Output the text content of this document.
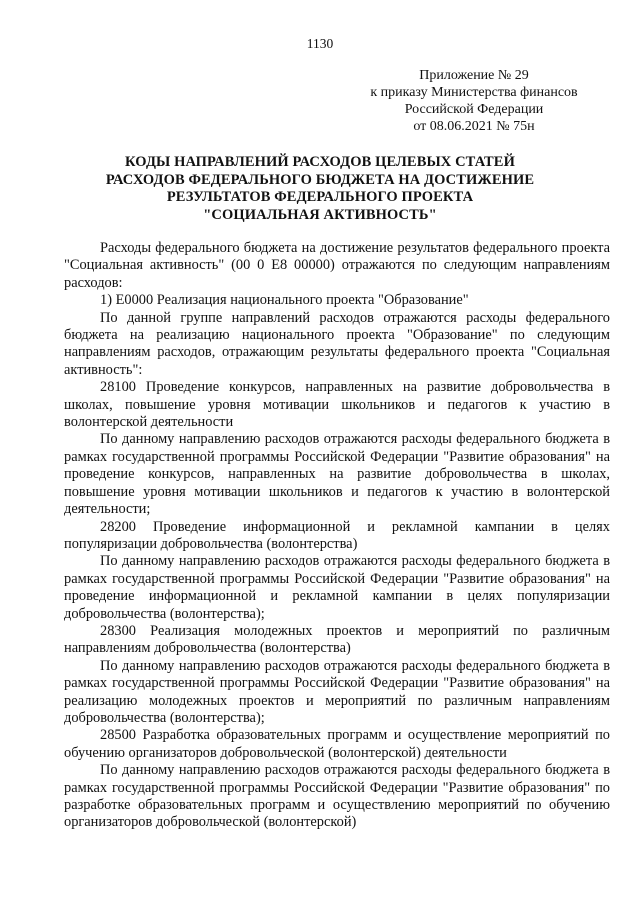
1130
Приложение № 29
к приказу Министерства финансов
Российской Федерации
от 08.06.2021 № 75н
КОДЫ НАПРАВЛЕНИЙ РАСХОДОВ ЦЕЛЕВЫХ СТАТЕЙ
РАСХОДОВ ФЕДЕРАЛЬНОГО БЮДЖЕТА НА ДОСТИЖЕНИЕ
РЕЗУЛЬТАТОВ ФЕДЕРАЛЬНОГО ПРОЕКТА
"СОЦИАЛЬНАЯ АКТИВНОСТЬ"

Расходы федерального бюджета на достижение результатов федерального проекта "Социальная активность" (00 0 Е8 00000) отражаются по следующим направлениям расходов:

1) Е0000 Реализация национального проекта "Образование"

По данной группе направлений расходов отражаются расходы федерального бюджета на реализацию национального проекта "Образование" по следующим направлениям расходов, отражающим результаты федерального проекта "Социальная активность":

28100 Проведение конкурсов, направленных на развитие добровольчества в школах, повышение уровня мотивации школьников и педагогов к участию в волонтерской деятельности

По данному направлению расходов отражаются расходы федерального бюджета в рамках государственной программы Российской Федерации "Развитие образования" на проведение конкурсов, направленных на развитие добровольчества в школах, повышение уровня мотивации школьников и педагогов к участию в волонтерской деятельности;

28200 Проведение информационной и рекламной кампании в целях популяризации добровольчества (волонтерства)

По данному направлению расходов отражаются расходы федерального бюджета в рамках государственной программы Российской Федерации "Развитие образования" на проведение информационной и рекламной кампании в целях популяризации добровольчества (волонтерства);

28300 Реализация молодежных проектов и мероприятий по различным направлениям добровольчества (волонтерства)

По данному направлению расходов отражаются расходы федерального бюджета в рамках государственной программы Российской Федерации "Развитие образования" на реализацию молодежных проектов и мероприятий по различным направлениям добровольчества (волонтерства);

28500 Разработка образовательных программ и осуществление мероприятий по обучению организаторов добровольческой (волонтерской) деятельности

По данному направлению расходов отражаются расходы федерального бюджета в рамках государственной программы Российской Федерации "Развитие образования" по разработке образовательных программ и осуществлению мероприятий по обучению организаторов добровольческой (волонтерской)
